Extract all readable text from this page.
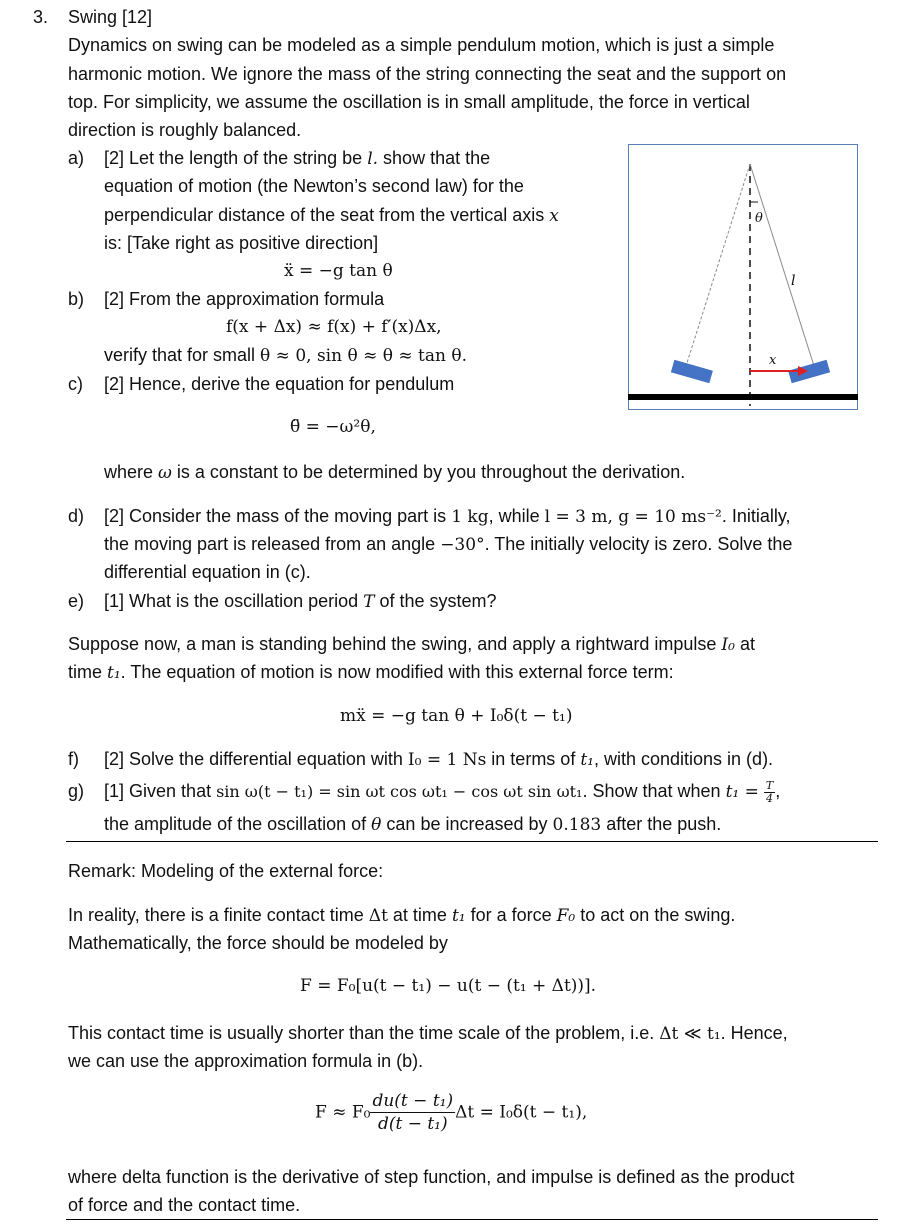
3. Swing [12]
Dynamics on swing can be modeled as a simple pendulum motion, which is just a simple
harmonic motion. We ignore the mass of the string connecting the seat and the support on
top. For simplicity, we assume the oscillation is in small amplitude, the force in vertical
direction is roughly balanced.
a) [2] Let the length of the string be l. show that the
equation of motion (the Newton’s second law) for the
perpendicular distance of the seat from the vertical axis x
is: [Take right as positive direction]
ẍ = −g tan θ
b) [2] From the approximation formula
f(x + Δx) ≈ f(x) + f′(x)Δx,
verify that for small θ ≈ 0, sin θ ≈ θ ≈ tan θ.
c) [2] Hence, derive the equation for pendulum
θ̈ = −ω²θ,
where ω is a constant to be determined by you throughout the derivation.
d) [2] Consider the mass of the moving part is 1 kg, while l = 3 m, g = 10 ms⁻². Initially,
the moving part is released from an angle −30°. The initially velocity is zero. Solve the
differential equation in (c).
e) [1] What is the oscillation period T of the system?
Suppose now, a man is standing behind the swing, and apply a rightward impulse I₀ at
time t₁. The equation of motion is now modified with this external force term:
mẍ = −g tan θ + I₀δ(t − t₁)
f) [2] Solve the differential equation with I₀ = 1 Ns in terms of t₁, with conditions in (d).
g) [1] Given that sin ω(t − t₁) = sin ωt cos ωt₁ − cos ωt sin ωt₁. Show that when $t_1 = \frac{T}{4}$ ,
the amplitude of the oscillation of θ can be increased by 0.183 after the push.
Remark: Modeling of the external force:
In reality, there is a finite contact time Δt at time t₁ for a force F₀ to act on the swing.
Mathematically, the force should be modeled by
F = F₀[u(t − t₁) − u(t − (t₁ + Δt))].
This contact time is usually shorter than the time scale of the problem, i.e. Δt ≪ t₁. Hence,
we can use the approximation formula in (b).
$F \approx F_0 \frac{\text{du(t − t₁)}}{\text{d(t − t₁)}}$ Δt = I₀δ(t − t₁),
where delta function is the derivative of step function, and impulse is defined as the product
of force and the contact time.
θ
l
x
